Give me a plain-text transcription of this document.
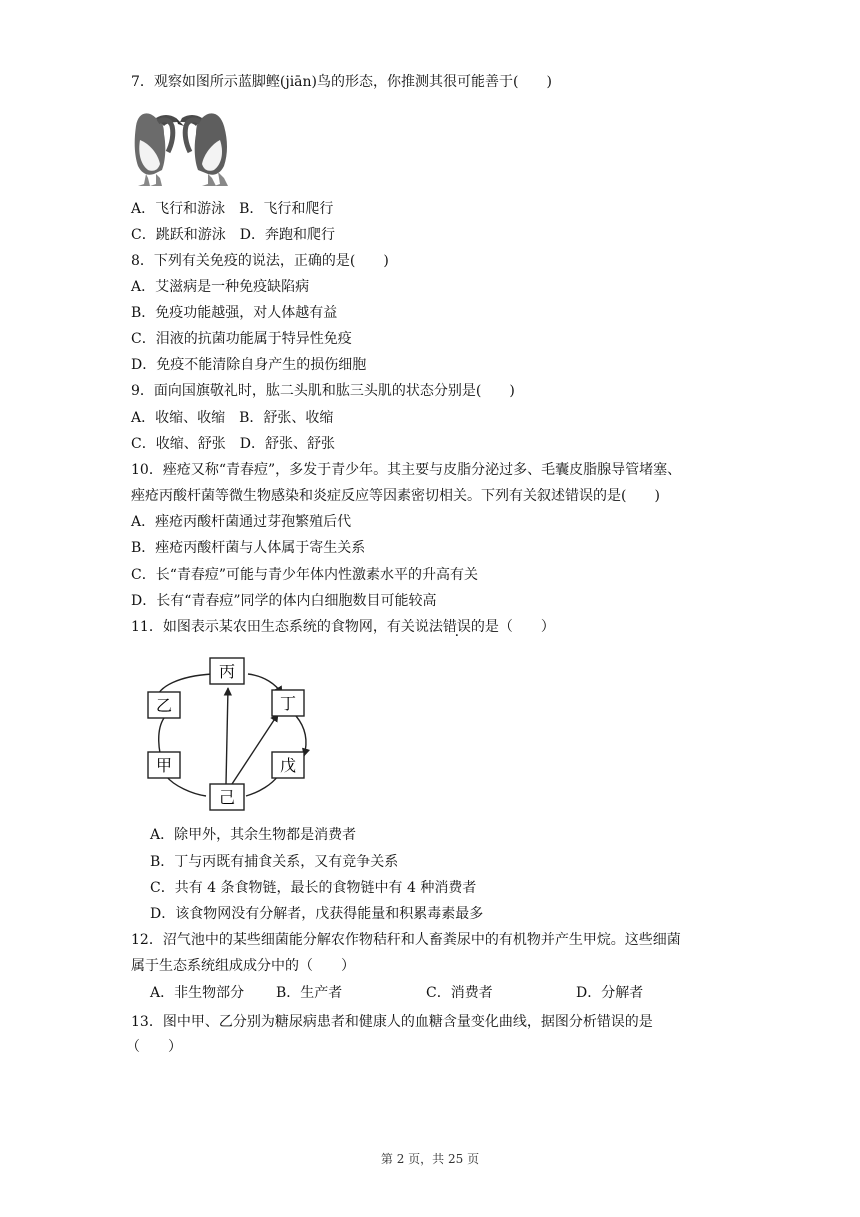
7．观察如图所示蓝脚鲣(jiān)鸟的形态，你推测其很可能善于(　　)
A．飞行和游泳 B．飞行和爬行
C．跳跃和游泳 D．奔跑和爬行
8．下列有关免疫的说法，正确的是(　　)
A．艾滋病是一种免疫缺陷病
B．免疫功能越强，对人体越有益
C．泪液的抗菌功能属于特异性免疫
D．免疫不能清除自身产生的损伤细胞
9．面向国旗敬礼时，肱二头肌和肱三头肌的状态分别是(　　)
A．收缩、收缩 B．舒张、收缩
C．收缩、舒张 D．舒张、舒张
10．痤疮又称“青春痘”，多发于青少年。其主要与皮脂分泌过多、毛囊皮脂腺导管堵塞、
痤疮丙酸杆菌等微生物感染和炎症反应等因素密切相关。下列有关叙述错误的是(　　)
A．痤疮丙酸杆菌通过芽孢繁殖后代
B．痤疮丙酸杆菌与人体属于寄生关系
C．长“青春痘”可能与青少年体内性激素水平的升高有关
D．长有“青春痘”同学的体内白细胞数目可能较高
11．如图表示某农田生态系统的食物网，有关说法错误的是（　　）
丙
乙	丁
甲	戊
己
A．除甲外，其余生物都是消费者
B．丁与丙既有捕食关系，又有竞争关系
C．共有 4 条食物链，最长的食物链中有 4 种消费者
D．该食物网没有分解者，戊获得能量和积累毒素最多
12．沼气池中的某些细菌能分解农作物秸秆和人畜粪尿中的有机物并产生甲烷。这些细菌
属于生态系统组成成分中的（　　）
A．非生物部分 B．生产者	C．消费者	D．分解者
13．图中甲、乙分别为糖尿病患者和健康人的血糖含量变化曲线，据图分析错误的是
（　　）
第 2 页，共 25 页
